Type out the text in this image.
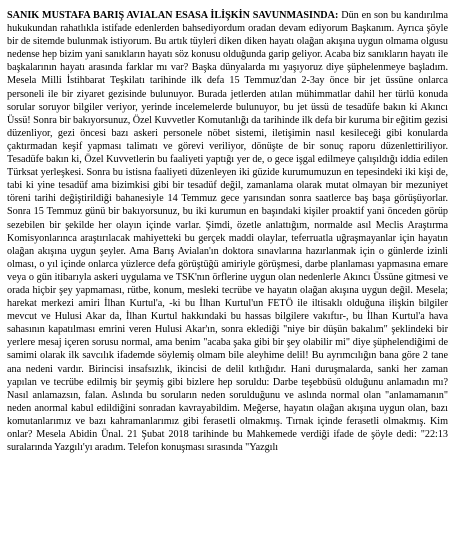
SANIK MUSTAFA BARIŞ AVIALAN ESASA İLİŞKİN SAVUNMASINDA: Dün en son bu kandırılma hukukundan rahatlıkla istifade edenlerden bahsediyordum oradan devam ediyorum Başkanım. Ayrıca şöyle bir de sitemde bulunmak istiyorum. Bu artık tüyleri diken diken hayatı olağan akışına uygun olmama olgusu nedense hep bizim yani sanıkların hayatı söz konusu olduğunda garip geliyor. Acaba biz sanıkların hayatı ile başkalarının hayatı arasında farklar mı var? Başka dünyalarda mı yaşıyoruz diye şüphelenmeye başladım. Mesela Milli İstihbarat Teşkilatı tarihinde ilk defa 15 Temmuz'dan 2-3ay önce bir jet üssüne onlarca personeli ile bir ziyaret gezisinde bulunuyor. Burada jetlerden atılan mühimmatlar dahil her türlü konuda sorular soruyor bilgiler veriyor, yerinde incelemelerde bulunuyor, bu jet üssü de tesadüfe bakın ki Akıncı Üssü! Sonra bir bakıyorsunuz, Özel Kuvvetler Komutanlığı da tarihinde ilk defa bir kuruma bir eğitim gezisi düzenliyor, gezi öncesi bazı askeri personele nöbet sistemi, iletişimin nasıl kesileceği gibi konularda çaktırmadan keşif yapması talimatı ve görevi veriliyor, dönüşte de bir sonuç raporu düzenlettiriliyor. Tesadüfe bakın ki, Özel Kuvvetlerin bu faaliyeti yaptığı yer de, o gece işgal edilmeye çalışıldığı iddia edilen Türksat yerleşkesi. Sonra bu istisna faaliyeti düzenleyen iki güzide kurumumuzun en tepesindeki iki kişi de, tabi ki yine tesadüf ama bizimkisi gibi bir tesadüf değil, zamanlama olarak mutat olmayan bir mezuniyet töreni tarihi değiştirildiği bahanesiyle 14 Temmuz gece yarısından sonra saatlerce baş başa görüşüyorlar. Sonra 15 Temmuz günü bir bakıyorsunuz, bu iki kurumun en başındaki kişiler proaktif yani önceden görüp sezebilen bir şekilde her olayın içinde varlar. Şimdi, özetle anlattığım, normalde asıl Meclis Araştırma Komisyonlarınca araştırılacak mahiyetteki bu gerçek maddi olaylar, teferruatla uğraşmayanlar için hayatın olağan akışına uygun şeyler. Ama Barış Avialan'ın doktora sınavlarına hazırlanmak için o günlerde izinli olması, o yıl içinde onlarca yüzlerce defa görüştüğü amiriyle görüşmesi, darbe planlaması yapmasına emare veya o gün itibarıyla askeri uygulama ve TSK'nın örflerine uygun olan nedenlerle Akıncı Üssüne gitmesi ve orada hiçbir şey yapmaması, rütbe, konum, mesleki tecrübe ve hayatın olağan akışına uygun değil. Mesela; harekat merkezi amiri İlhan Kurtul'a, -ki bu İlhan Kurtul'un FETÖ ile iltisaklı olduğuna ilişkin bilgiler mevcut ve Hulusi Akar da, İlhan Kurtul hakkındaki bu hassas bilgilere vakıftır-, bu İlhan Kurtul'a hava sahasının kapatılması emrini veren Hulusi Akar'ın, sonra eklediği "niye bir düşün bakalım" şeklindeki bir yerlere mesaj içeren sorusu normal, ama benim "acaba şaka gibi bir şey olabilir mi" diye şüphelendiğimi de samimi olarak ilk savcılık ifademde söylemiş olmam bile aleyhime delil! Bu ayrımcılığın bana göre 2 tane ana nedeni vardır. Birincisi insafsızlık, ikincisi de delil kıtlığıdır. Hani duruşmalarda, sanki her zaman yapılan ve tecrübe edilmiş bir şeymiş gibi bizlere hep soruldu: Darbe teşebbüsü olduğunu anlamadın mı? Nasıl anlamazsın, falan. Aslında bu soruların neden sorulduğunu ve aslında normal olan "anlamamanın" neden anormal kabul edildiğini sonradan kavrayabildim. Meğerse, hayatın olağan akışına uygun olan, bazı komutanlarımız ve bazı kahramanlarımız gibi ferasetli olmakmış. Tırnak içinde ferasetli olmakmış. Kim onlar? Mesela Abidin Ünal. 21 Şubat 2018 tarihinde bu Mahkemede verdiği ifade de şöyle dedi: "22:13 suralarında Yazgılı'yı aradım. Telefon konuşması sırasında "Yazgılı
